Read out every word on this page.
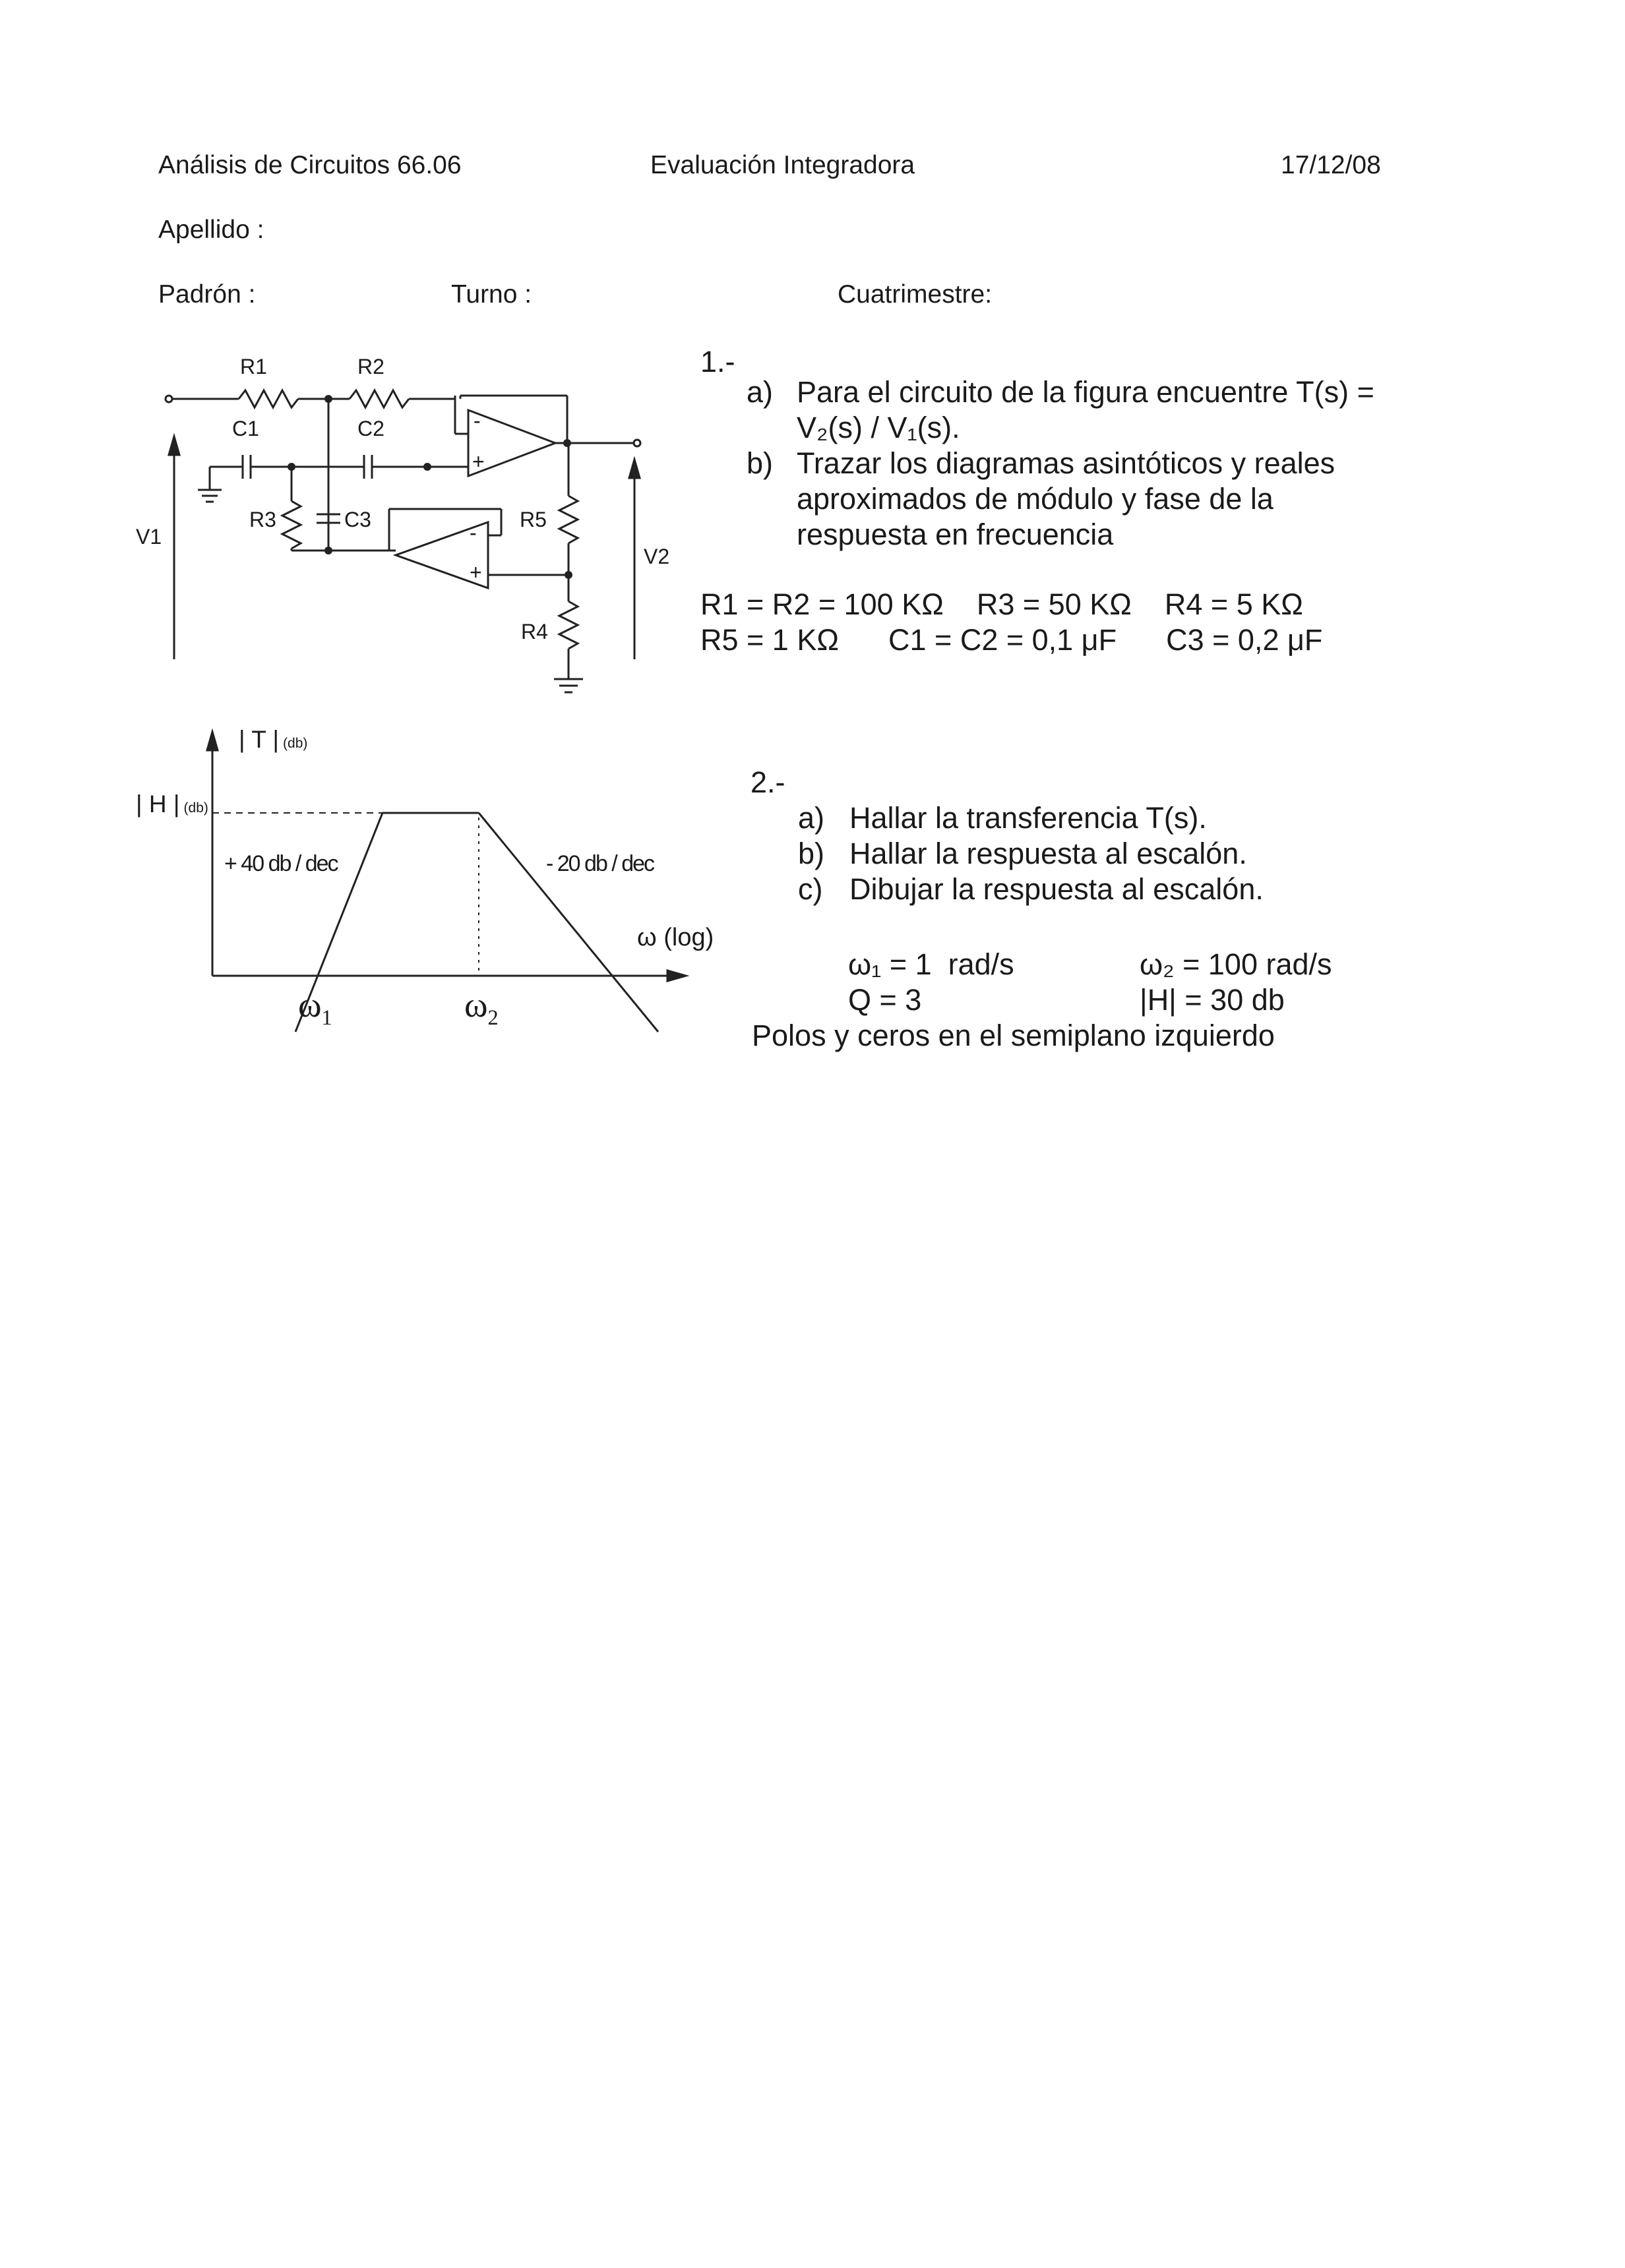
Análisis de Circuitos 66.06	Evaluación Integradora	17/12/08
Apellido :
Padrón :	Turno :	Cuatrimestre:
R1	R2
C1	C2
R3	C3	R5
R4
V1
V2
-
+
-
+
1.-
a) Para el circuito de la figura encuentre T(s) =
V₂(s) / V₁(s).
b) Trazar los diagramas asintóticos y reales
aproximados de módulo y fase de la
respuesta en frecuencia
R1 = R2 = 100 KΩ    R3 = 50 KΩ    R4 = 5 KΩ
R5 = 1 KΩ      C1 = C2 = 0,1 μF      C3 = 0,2 μF
| T | (db)
| H | (db)
+ 40 db / dec	- 20 db / dec
ω (log)
$\omega_1$	$\omega_2$
2.-
a) Hallar la transferencia T(s).
b) Hallar la respuesta al escalón.
c) Dibujar la respuesta al escalón.
ω₁ = 1  rad/s	ω₂ = 100 rad/s
Q = 3	|H| = 30 db
Polos y ceros en el semiplano izquierdo
